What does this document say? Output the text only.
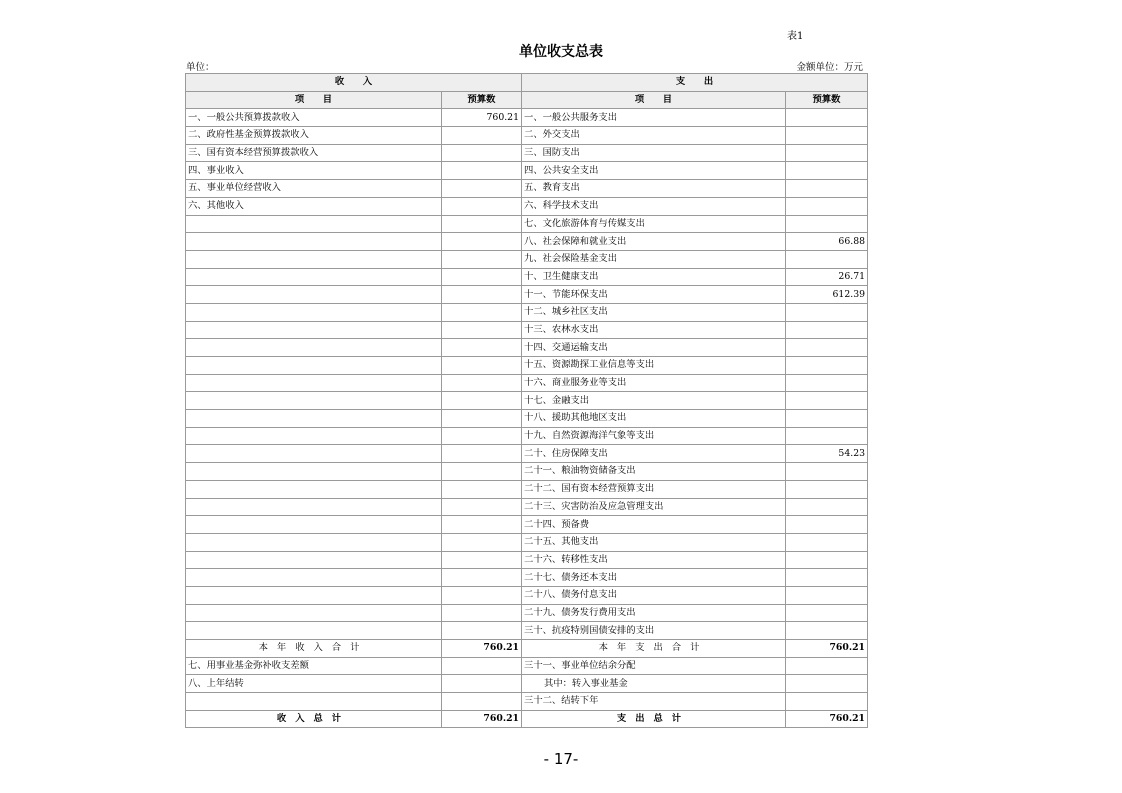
表1
单位收支总表
单位：	金额单位：万元
收　　入		支　　出	
项　　目	预算数	项　　目	预算数
一、一般公共预算拨款收入	760.21	一、一般公共服务支出	
二、政府性基金预算拨款收入		二、外交支出	
三、国有资本经营预算拨款收入		三、国防支出	
四、事业收入		四、公共安全支出	
五、事业单位经营收入		五、教育支出	
六、其他收入		六、科学技术支出	
		七、文化旅游体育与传媒支出	
		八、社会保障和就业支出	66.88
		九、社会保险基金支出	
		十、卫生健康支出	26.71
		十一、节能环保支出	612.39
		十二、城乡社区支出	
		十三、农林水支出	
		十四、交通运输支出	
		十五、资源勘探工业信息等支出	
		十六、商业服务业等支出	
		十七、金融支出	
		十八、援助其他地区支出	
		十九、自然资源海洋气象等支出	
		二十、住房保障支出	54.23
		二十一、粮油物资储备支出	
		二十二、国有资本经营预算支出	
		二十三、灾害防治及应急管理支出	
		二十四、预备费	
		二十五、其他支出	
		二十六、转移性支出	
		二十七、债务还本支出	
		二十八、债务付息支出	
		二十九、债务发行费用支出	
		三十、抗疫特别国债安排的支出	
本年收入合计	760.21	本年支出合计	760.21
七、用事业基金弥补收支差额		三十一、事业单位结余分配	
八、上年结转		其中：转入事业基金	
		三十二、结转下年	
收入总计	760.21	支出总计	760.21
- 17-
